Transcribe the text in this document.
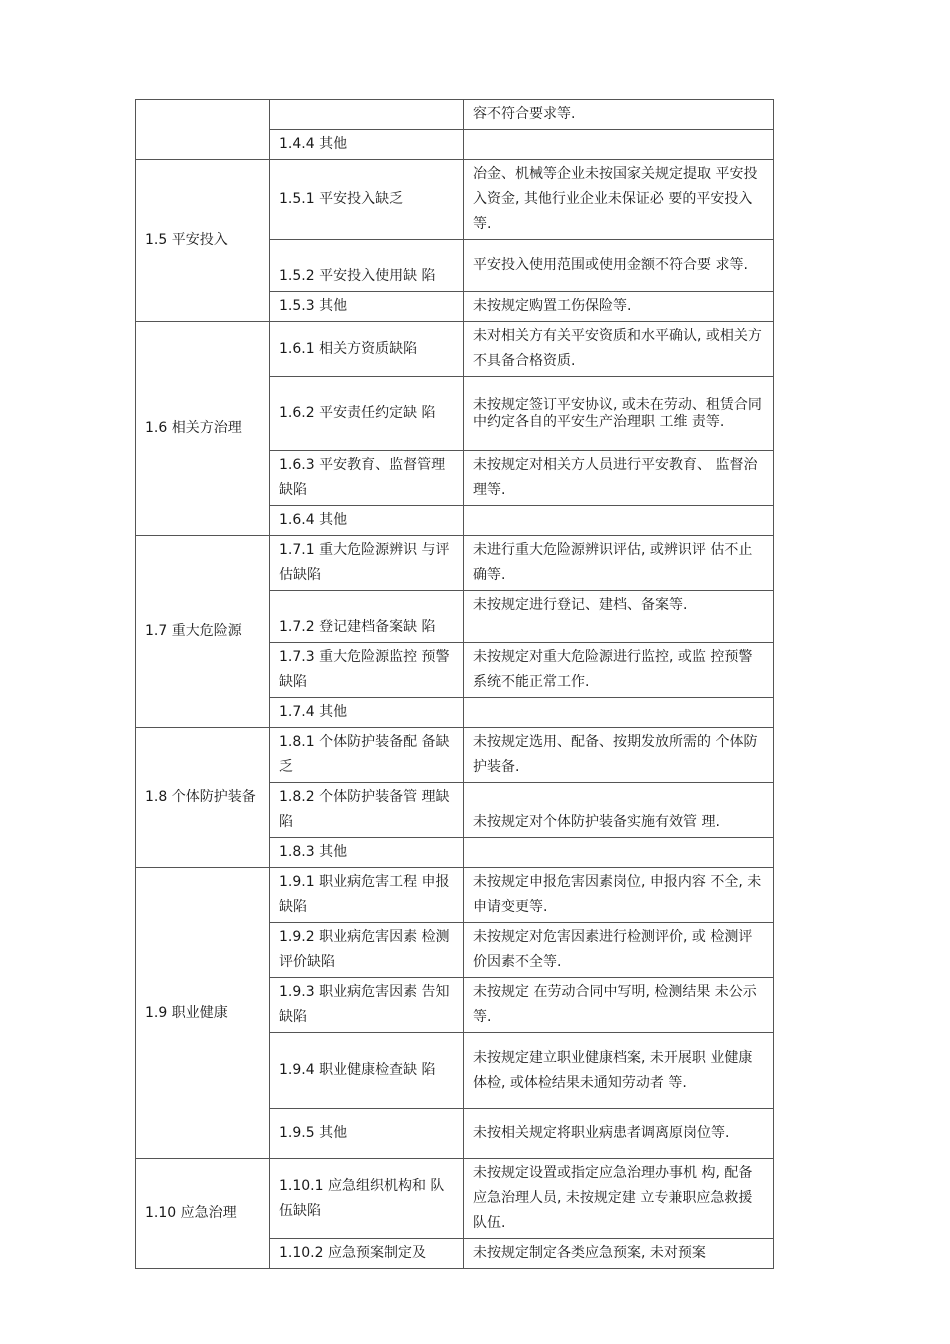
		容不符合要求等.
	1.4.4 其他	
1.5 平安投入	1.5.1 平安投入缺乏	冶金、机械等企业未按国家关规定提取 平安投入资金, 其他行业企业未保证必 要的平安投入等.
	1.5.2 平安投入使用缺 陷	平安投入使用范围或使用金额不符合要 求等.
	1.5.3 其他	未按规定购置工伤保险等.
1.6 相关方治理	1.6.1 相关方资质缺陷	未对相关方有关平安资质和水平确认, 或相关方不具备合格资质.
	1.6.2 平安责任约定缺 陷	未按规定签订平安协议, 或未在劳动、租赁合同中约定各自的平安生产治理职 工维 责等.
	1.6.3 平安教育、监督管理缺陷	未按规定对相关方人员进行平安教育、 监督治理等.
	1.6.4 其他	
1.7 重大危险源	1.7.1 重大危险源辨识 与评估缺陷	未进行重大危险源辨识评估, 或辨识评 估不止确等.
	1.7.2 登记建档备案缺 陷	未按规定进行登记、建档、备案等.
	1.7.3 重大危险源监控 预警缺陷	未按规定对重大危险源进行监控, 或监 控预警系统不能正常工作.
	1.7.4 其他	
1.8 个体防护装备	1.8.1 个体防护装备配 备缺乏	未按规定选用、配备、按期发放所需的 个体防护装备.
	1.8.2 个体防护装备管 理缺陷	未按规定对个体防护装备实施有效管 理.
	1.8.3 其他	
1.9 职业健康	1.9.1 职业病危害工程 申报缺陷	未按规定申报危害因素岗位, 申报内容 不全, 未申请变更等.
	1.9.2 职业病危害因素 检测评价缺陷	未按规定对危害因素进行检测评价, 或 检测评价因素不全等.
	1.9.3 职业病危害因素 告知缺陷	未按规定 在劳动合同中写明, 检测结果 未公示等.
	1.9.4 职业健康检查缺 陷	未按规定建立职业健康档案, 未开展职 业健康体检, 或体检结果未通知劳动者 等.
	1.9.5 其他	未按相关规定将职业病患者调离原岗位等.
1.10 应急治理	1.10.1 应急组织机构和 队伍缺陷	未按规定设置或指定应急治理办事机 构, 配备应急治理人员, 未按规定建 立专兼职应急救援队伍.
	1.10.2 应急预案制定及	未按规定制定各类应急预案, 未对预案
